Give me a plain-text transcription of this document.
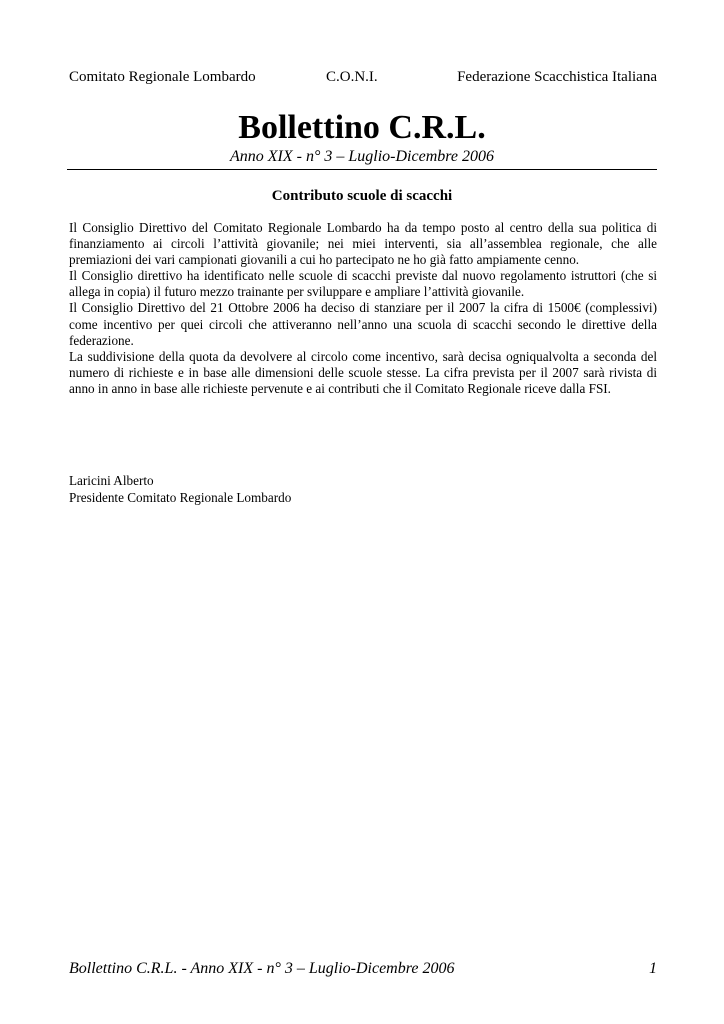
Comitato Regionale Lombardo	C.O.N.I.	Federazione Scacchistica Italiana
Bollettino C.R.L.
Anno XIX - n° 3 – Luglio-Dicembre 2006
Contributo scuole di scacchi

Il Consiglio Direttivo del Comitato Regionale Lombardo ha da tempo posto al centro della sua politica di finanziamento ai circoli l’attività giovanile; nei miei interventi, sia all’assemblea regionale, che alle premiazioni dei vari campionati giovanili a cui ho partecipato ne ho già fatto ampiamente cenno.

Il Consiglio direttivo ha identificato nelle scuole di scacchi previste dal nuovo regolamento istruttori (che si allega in copia) il futuro mezzo trainante per sviluppare e ampliare l’attività giovanile.

Il Consiglio Direttivo del 21 Ottobre 2006 ha deciso di stanziare per il 2007 la cifra di 1500€ (complessivi) come incentivo per quei circoli che attiveranno nell’anno una scuola di scacchi secondo le direttive della federazione.

La suddivisione della quota da devolvere al circolo come incentivo, sarà decisa ogniqualvolta a seconda del numero di richieste e in base alle dimensioni delle scuole stesse. La cifra prevista per il 2007 sarà rivista di anno in anno in base alle richieste pervenute e ai contributi che il Comitato Regionale riceve dalla FSI.

Laricini Alberto
Presidente Comitato Regionale Lombardo
Bollettino C.R.L. - Anno XIX - n° 3 – Luglio-Dicembre 2006	1
